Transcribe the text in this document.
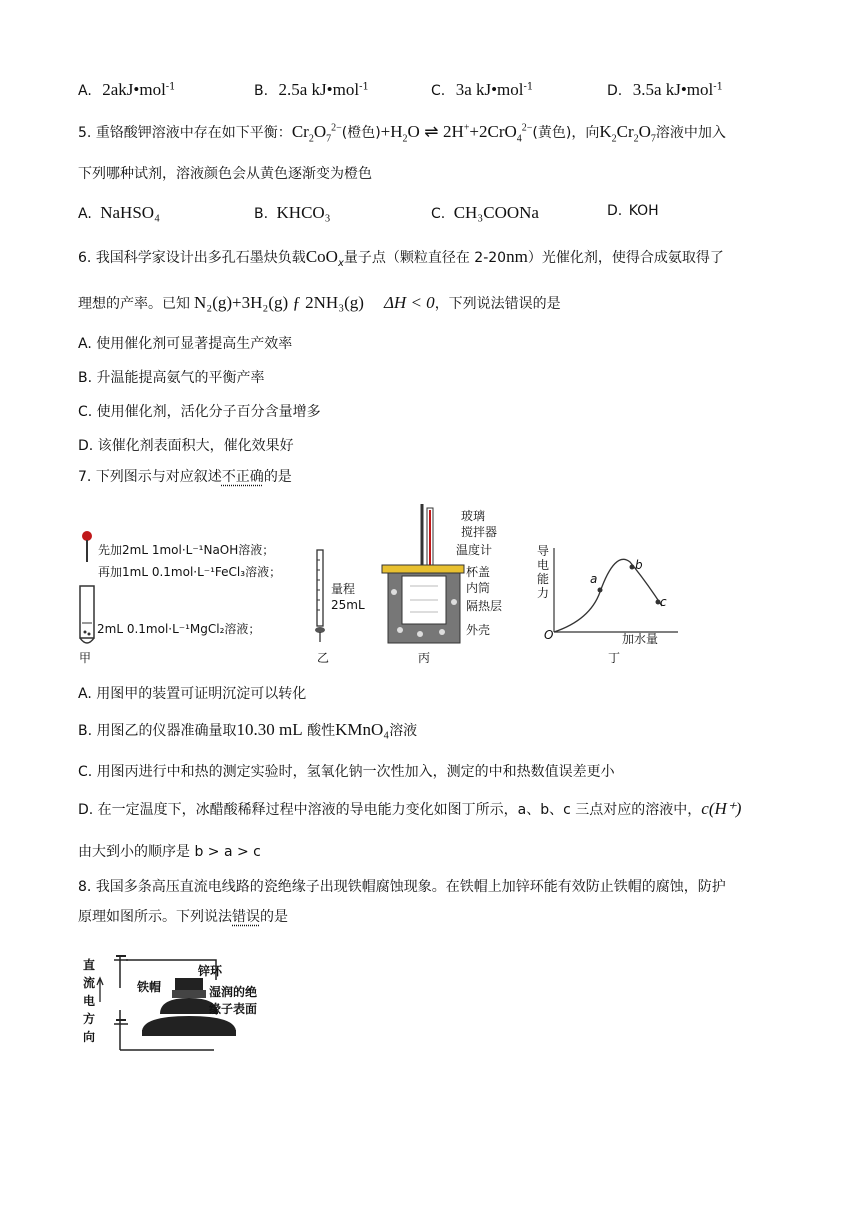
A. 2akJ•mol$^{-1}$	B. 2.5a kJ•mol$^{-1}$	C. 3a kJ•mol$^{-1}$	D. 3.5a kJ•mol$^{-1}$
5. 重铬酸钾溶液中存在如下平衡：$Cr_2O_7^{2-}$(橙色)$+H_2O$ ⇌ 2H++2CrO$_4^{2-}$(黄色)，向$K_2Cr_2O_7$溶液中加入
下列哪种试剂，溶液颜色会从黄色逐渐变为橙色
A. NaHSO₄	B. KHCO₃	C. CH₃COONa	D. KOH
6. 我国科学家设计出多孔石墨炔负载CoO$_x$量子点（颗粒直径在 2-20nm）光催化剂，使得合成氨取得了
理想的产率。已知 N₂(g)+3H₂(g) ƒ 2NH₃(g) ΔH < 0，下列说法错误的是
A. 使用催化剂可显著提高生产效率
B. 升温能提高氨气的平衡产率
C. 使用催化剂，活化分子百分含量增多
D. 该催化剂表面积大，催化效果好
7. 下列图示与对应叙述不正确的是
先加2mL 1mol·L⁻¹NaOH溶液；
再加1mL 0.1mol·L⁻¹FeCl₃溶液；
2mL 0.1mol·L⁻¹MgCl₂溶液；
甲
量程
25mL
乙
玻璃
搅拌器
温度计
杯盖
内筒
隔热层
外壳
丙
导电能力
加水量
O
a
b
c
丁
A. 用图甲的装置可证明沉淀可以转化
B. 用图乙的仪器准确量取10.30 mL 酸性KMnO₄溶液
C. 用图丙进行中和热的测定实验时，氢氧化钠一次性加入，测定的中和热数值误差更小
D. 在一定温度下，冰醋酸稀释过程中溶液的导电能力变化如图丁所示，a、b、c 三点对应的溶液中，c(H⁺)
由大到小的顺序是 b > a > c
8. 我国多条高压直流电线路的瓷绝缘子出现铁帽腐蚀现象。在铁帽上加锌环能有效防止铁帽的腐蚀，防护
原理如图所示。下列说法错误的是
直
流
电
方
向
铁帽
锌环
湿润的绝
缘子表面
